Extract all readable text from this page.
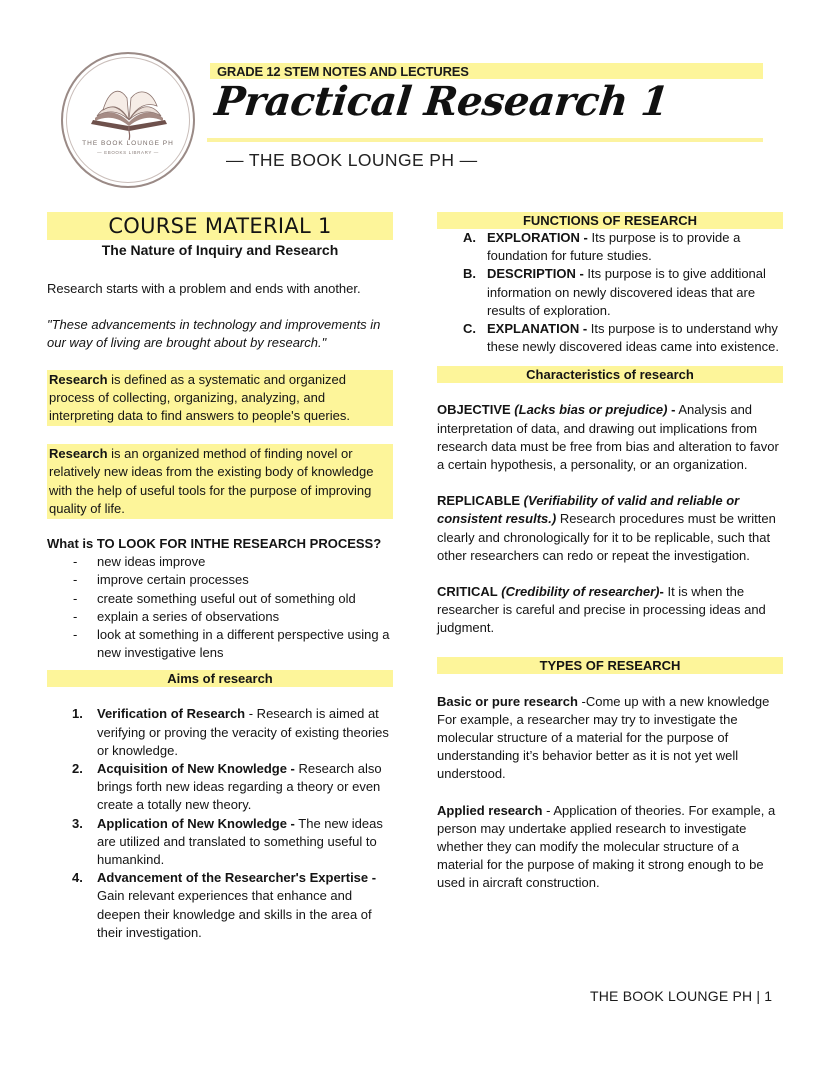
THE BOOK LOUNGE PH
— EBOOKS LIBRARY —
GRADE 12 STEM NOTES AND LECTURES
Practical Research 1
— THE BOOK LOUNGE PH —
COURSE MATERIAL 1
The Nature of Inquiry and Research

Research starts with a problem and ends with another.

"These advancements in technology and improvements in our way of living are brought about by research."

Research is defined as a systematic and organized process of collecting, organizing, analyzing, and interpreting data to find answers to people's queries.
Research is an organized method of finding novel or relatively new ideas from the existing body of knowledge with the help of useful tools for the purpose of improving quality of life.

What is TO LOOK FOR INTHE RESEARCH PROCESS?

- new ideas improve
- improve certain processes
- create something useful out of something old
- explain a series of observations
- look at something in a different perspective using a new investigative lens
Aims of research
1. Verification of Research - Research is aimed at verifying or proving the veracity of existing theories or knowledge.
2. Acquisition of New Knowledge - Research also brings forth new ideas regarding a theory or even create a totally new theory.
3. Application of New Knowledge - The new ideas are utilized and translated to something useful to humankind.
4. Advancement of the Researcher's Expertise - Gain relevant experiences that enhance and deepen their knowledge and skills in the area of their investigation.
FUNCTIONS OF RESEARCH
A. EXPLORATION - Its purpose is to provide a foundation for future studies.
B. DESCRIPTION - Its purpose is to give additional information on newly discovered ideas that are results of exploration.
C. EXPLANATION - Its purpose is to understand why these newly discovered ideas came into existence.
Characteristics of research

OBJECTIVE (Lacks bias or prejudice) - Analysis and interpretation of data, and drawing out implications from research data must be free from bias and alteration to favor a certain hypothesis, a personality, or an organization.

REPLICABLE (Verifiability of valid and reliable or consistent results.) Research procedures must be written clearly and chronologically for it to be replicable, such that other researchers can redo or repeat the investigation.

CRITICAL (Credibility of researcher)- It is when the researcher is careful and precise in processing ideas and judgment.

TYPES OF RESEARCH

Basic or pure research -Come up with a new knowledge For example, a researcher may try to investigate the molecular structure of a material for the purpose of understanding it’s behavior better as it is not yet well understood.

Applied research - Application of theories. For example, a person may undertake applied research to investigate whether they can modify the molecular structure of a material for the purpose of making it strong enough to be used in aircraft construction.

THE BOOK LOUNGE PH | 1
